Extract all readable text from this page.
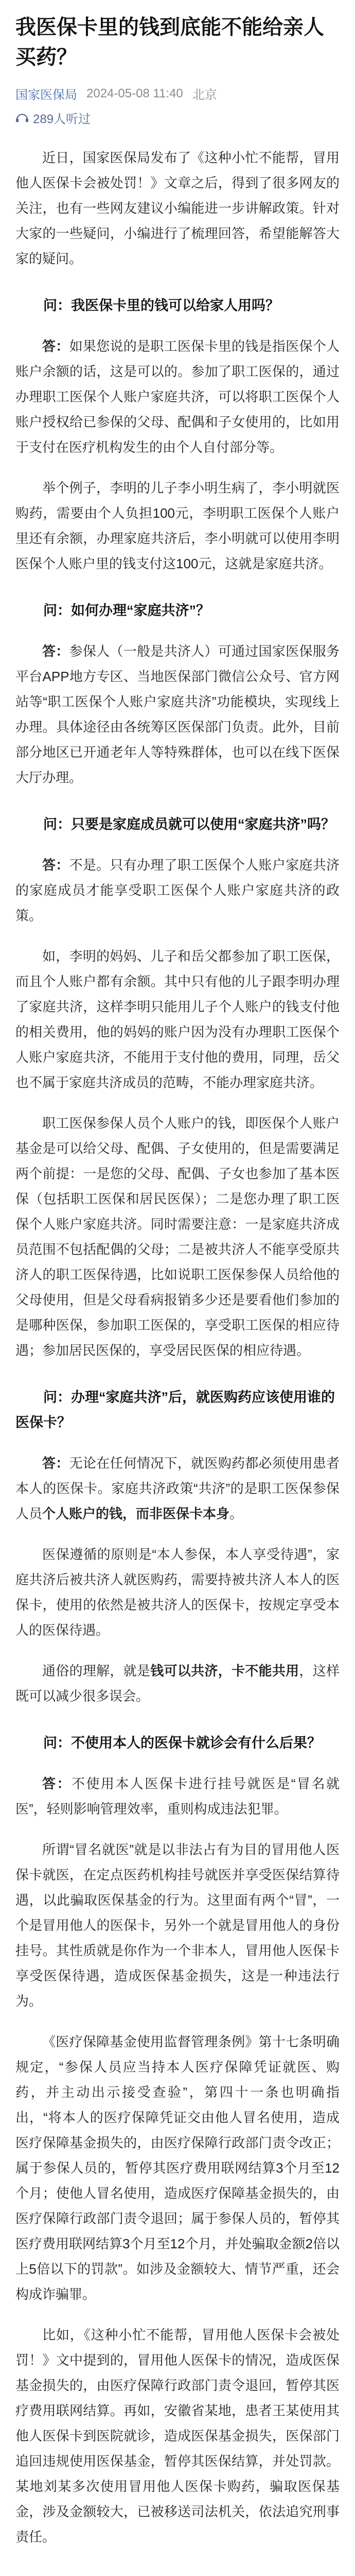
我医保卡里的钱到底能不能给亲人买药？
国家医保局 2024-05-08 11:40 北京
289人听过

近日，国家医保局发布了《这种小忙不能帮，冒用他人医保卡会被处罚！》文章之后，得到了很多网友的关注，也有一些网友建议小编能进一步讲解政策。针对大家的一些疑问，小编进行了梳理回答，希望能解答大家的疑问。

问：我医保卡里的钱可以给家人用吗？

答：如果您说的是职工医保卡里的钱是指医保个人账户余额的话，这是可以的。参加了职工医保的，通过办理职工医保个人账户家庭共济，可以将职工医保个人账户授权给已参保的父母、配偶和子女使用的，比如用于支付在医疗机构发生的由个人自付部分等。

举个例子，李明的儿子李小明生病了，李小明就医购药，需要由个人负担100元，李明职工医保个人账户里还有余额，办理家庭共济后，李小明就可以使用李明医保个人账户里的钱支付这100元，这就是家庭共济。

问：如何办理“家庭共济”？

答：参保人（一般是共济人）可通过国家医保服务平台APP地方专区、当地医保部门微信公众号、官方网站等“职工医保个人账户家庭共济”功能模块，实现线上办理。具体途径由各统筹区医保部门负责。此外，目前部分地区已开通老年人等特殊群体，也可以在线下医保大厅办理。

问：只要是家庭成员就可以使用“家庭共济”吗？

答：不是。只有办理了职工医保个人账户家庭共济的家庭成员才能享受职工医保个人账户家庭共济的政策。

如，李明的妈妈、儿子和岳父都参加了职工医保，而且个人账户都有余额。其中只有他的儿子跟李明办理了家庭共济，这样李明只能用儿子个人账户的钱支付他的相关费用，他的妈妈的账户因为没有办理职工医保个人账户家庭共济，不能用于支付他的费用，同理，岳父也不属于家庭共济成员的范畴，不能办理家庭共济。

职工医保参保人员个人账户的钱，即医保个人账户基金是可以给父母、配偶、子女使用的，但是需要满足两个前提：一是您的父母、配偶、子女也参加了基本医保（包括职工医保和居民医保）；二是您办理了职工医保个人账户家庭共济。同时需要注意：一是家庭共济成员范围不包括配偶的父母；二是被共济人不能享受原共济人的职工医保待遇，比如说职工医保参保人员给他的父母使用，但是父母看病报销多少还是要看他们参加的是哪种医保，参加职工医保的，享受职工医保的相应待遇；参加居民医保的，享受居民医保的相应待遇。

问：办理“家庭共济”后，就医购药应该使用谁的医保卡？

答：无论在任何情况下，就医购药都必须使用患者本人的医保卡。家庭共济政策“共济”的是职工医保参保人员个人账户的钱，而非医保卡本身。

医保遵循的原则是“本人参保，本人享受待遇”，家庭共济后被共济人就医购药，需要持被共济人本人的医保卡，使用的依然是被共济人的医保卡，按规定享受本人的医保待遇。

通俗的理解，就是钱可以共济，卡不能共用，这样既可以减少很多误会。

问：不使用本人的医保卡就诊会有什么后果？

答：不使用本人医保卡进行挂号就医是“冒名就医”，轻则影响管理效率，重则构成违法犯罪。

所谓“冒名就医”就是以非法占有为目的冒用他人医保卡就医，在定点医药机构挂号就医并享受医保结算待遇，以此骗取医保基金的行为。这里面有两个“冒”，一个是冒用他人的医保卡，另外一个就是冒用他人的身份挂号。其性质就是你作为一个非本人，冒用他人医保卡享受医保待遇，造成医保基金损失，这是一种违法行为。

《医疗保障基金使用监督管理条例》第十七条明确规定，“参保人员应当持本人医疗保障凭证就医、购药，并主动出示接受查验”，第四十一条也明确指出，“将本人的医疗保障凭证交由他人冒名使用，造成医疗保障基金损失的，由医疗保障行政部门责令改正；属于参保人员的，暂停其医疗费用联网结算3个月至12个月；使他人冒名使用，造成医疗保障基金损失的，由医疗保障行政部门责令退回；属于参保人员的，暂停其医疗费用联网结算3个月至12个月，并处骗取金额2倍以上5倍以下的罚款”。如涉及金额较大、情节严重，还会构成诈骗罪。

比如，《这种小忙不能帮，冒用他人医保卡会被处罚！》文中提到的，冒用他人医保卡的情况，造成医保基金损失的，由医疗保障行政部门责令退回，暂停其医疗费用联网结算。再如，安徽省某地，患者王某使用其他人医保卡到医院就诊，造成医保基金损失，医保部门追回违规使用医保基金，暂停其医保结算，并处罚款。某地刘某多次使用冒用他人医保卡购药，骗取医保基金，涉及金额较大，已被移送司法机关，依法追究刑事责任。
